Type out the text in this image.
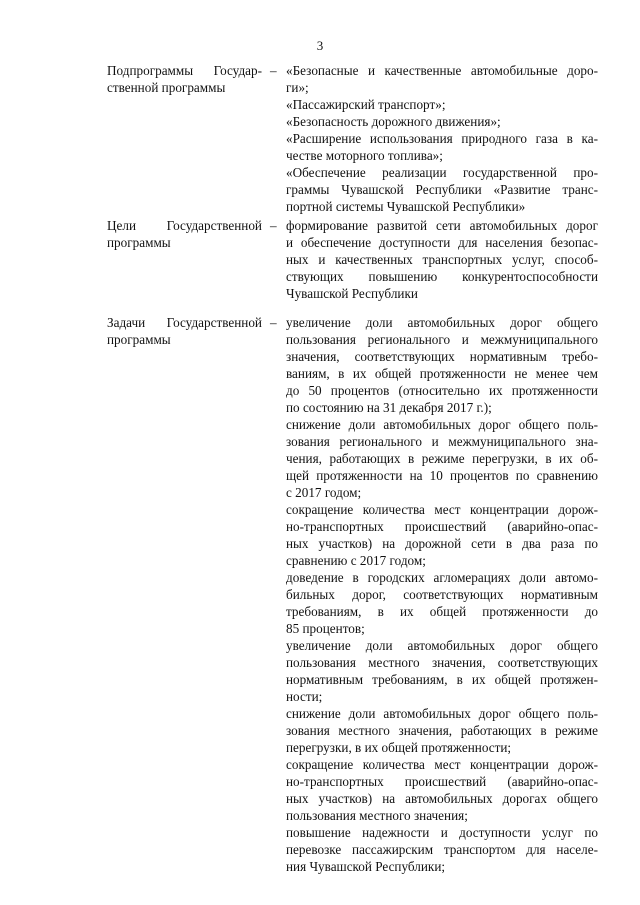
3
Подпрограммы Государ-
ственной программы
– «Безопасные и качественные автомобильные доро-
ги»;
«Пассажирский транспорт»;
«Безопасность дорожного движения»;
«Расширение использования природного газа в ка-
честве моторного топлива»;
«Обеспечение реализации государственной про-
граммы Чувашской Республики «Развитие транс-
портной системы Чувашской Республики»
Цели Государственной
программы
– формирование развитой сети автомобильных дорог
и обеспечение доступности для населения безопас-
ных и качественных транспортных услуг, способ-
ствующих повышению конкурентоспособности
Чувашской Республики
Задачи Государственной
программы
– увеличение доли автомобильных дорог общего
пользования регионального и межмуниципального
значения, соответствующих нормативным требо-
ваниям, в их общей протяженности не менее чем
до 50 процентов (относительно их протяженности
по состоянию на 31 декабря 2017 г.);
снижение доли автомобильных дорог общего поль-
зования регионального и межмуниципального зна-
чения, работающих в режиме перегрузки, в их об-
щей протяженности на 10 процентов по сравнению
с 2017 годом;
сокращение количества мест концентрации дорож-
но-транспортных происшествий (аварийно-опас-
ных участков) на дорожной сети в два раза по
сравнению с 2017 годом;
доведение в городских агломерациях доли автомо-
бильных дорог, соответствующих нормативным
требованиям, в их общей протяженности до
85 процентов;
увеличение доли автомобильных дорог общего
пользования местного значения, соответствующих
нормативным требованиям, в их общей протяжен-
ности;
снижение доли автомобильных дорог общего поль-
зования местного значения, работающих в режиме
перегрузки, в их общей протяженности;
сокращение количества мест концентрации дорож-
но-транспортных происшествий (аварийно-опас-
ных участков) на автомобильных дорогах общего
пользования местного значения;
повышение надежности и доступности услуг по
перевозке пассажирским транспортом для населе-
ния Чувашской Республики;
